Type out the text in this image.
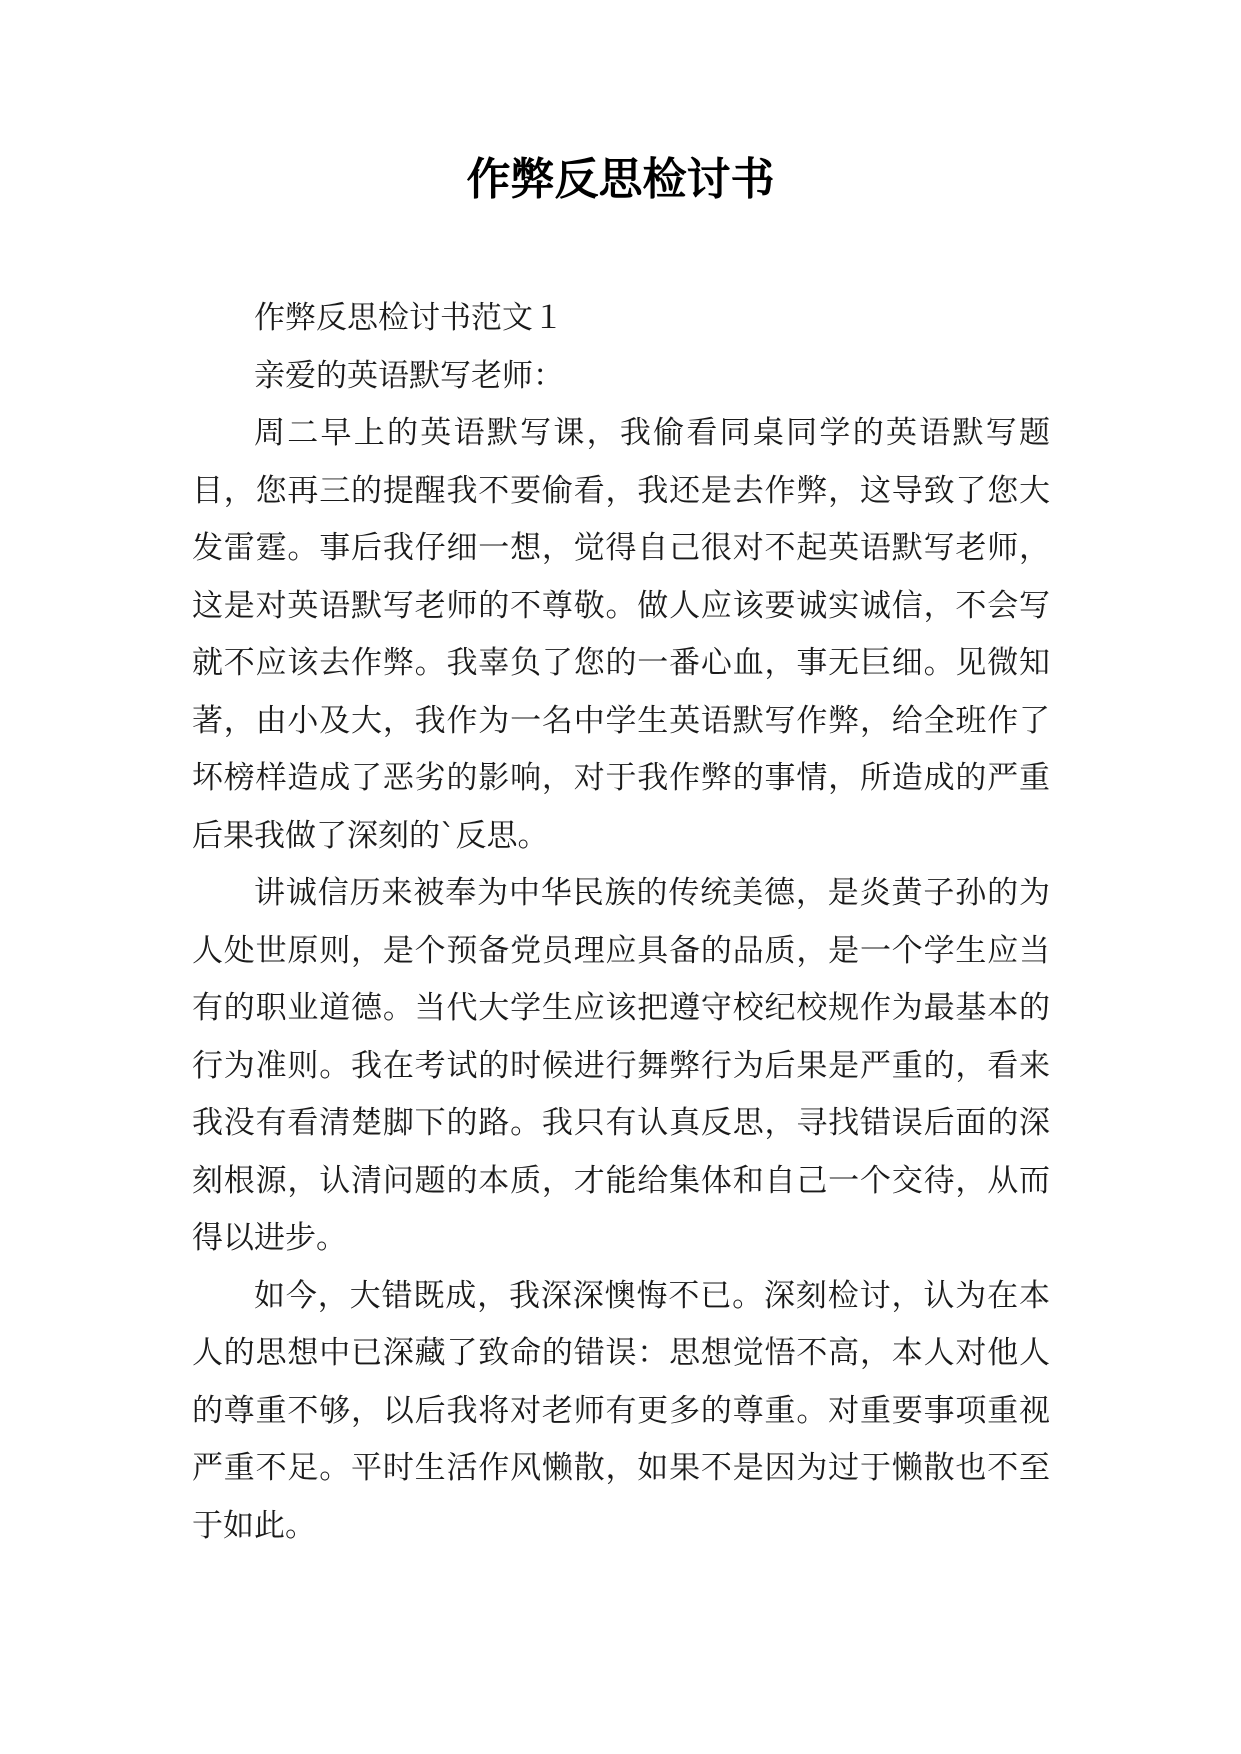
作弊反思检讨书

作弊反思检讨书范文１

亲爱的英语默写老师：

周二早上的英语默写课，我偷看同桌同学的英语默写题目，您再三的提醒我不要偷看，我还是去作弊，这导致了您大发雷霆。事后我仔细一想，觉得自己很对不起英语默写老师，这是对英语默写老师的不尊敬。做人应该要诚实诚信，不会写就不应该去作弊。我辜负了您的一番心血，事无巨细。见微知著，由小及大，我作为一名中学生英语默写作弊，给全班作了坏榜样造成了恶劣的影响，对于我作弊的事情，所造成的严重后果我做了深刻的`反思。

讲诚信历来被奉为中华民族的传统美德，是炎黄子孙的为人处世原则，是个预备党员理应具备的品质，是一个学生应当有的职业道德。当代大学生应该把遵守校纪校规作为最基本的行为准则。我在考试的时候进行舞弊行为后果是严重的，看来我没有看清楚脚下的路。我只有认真反思，寻找错误后面的深刻根源，认清问题的本质，才能给集体和自己一个交待，从而得以进步。

如今，大错既成，我深深懊悔不已。深刻检讨，认为在本人的思想中已深藏了致命的错误：思想觉悟不高，本人对他人的尊重不够，以后我将对老师有更多的尊重。对重要事项重视严重不足。平时生活作风懒散，如果不是因为过于懒散也不至于如此。
